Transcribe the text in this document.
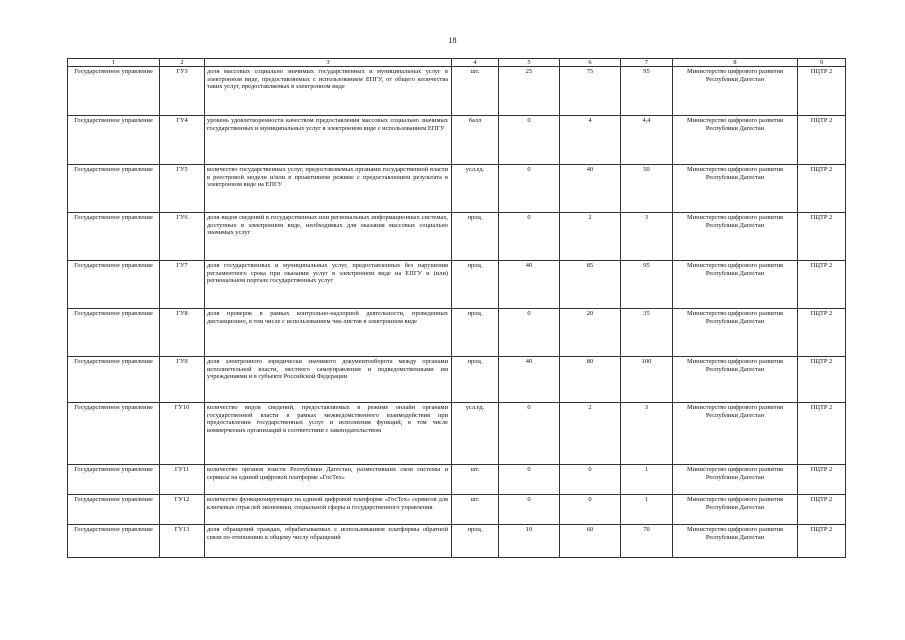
18
1	2	3	4	5	6	7	8	9
Государственное управление	ГУ3	доля массовых социально значимых государственных и муниципальных услуг в электронном виде, предоставляемых с использованием ЕПГУ, от общего количества таких услуг, предоставляемых в электронном виде	шт.	25	75	95	Министерство цифрового развития Республики Дагестан	ПЦТР 2
Государственное управление	ГУ4	уровень удовлетворенности качеством предоставления массовых социально значимых государственных и муниципальных услуг в электронном виде с использованием ЕПГУ	балл	0	4	4,4	Министерство цифрового развития Республики Дагестан	ПЦТР 2
Государственное управление	ГУ5	количество государственных услуг, предоставляемых органами государственной власти в реестровой модели и/или в проактивном режиме с предоставлением результата в электронном виде на ЕПГУ	усл.ед.	0	40	50	Министерство цифрового развития Республики Дагестан	ПЦТР 2
Государственное управление	ГУ6	доля видов сведений в государственных или региональных информационных системах, доступных в электронном виде, необходимых для оказания массовых социально значимых услуг	проц.	0	2	3	Министерство цифрового развития Республики Дагестан	ПЦТР 2
Государственное управление	ГУ7	доля государственных и муниципальных услуг, предоставленных без нарушения регламентного срока при оказании услуг в электронном виде на ЕПГУ и (или) региональном портале государственных услуг	проц.	40	85	95	Министерство цифрового развития Республики Дагестан	ПЦТР 2
Государственное управление	ГУ8	доля проверок в рамках контрольно-надзорной деятельности, проведенных дистанционно, в том числе с использованием чек-листов в электронном виде	проц.	0	20	35	Министерство цифрового развития Республики Дагестан	ПЦТР 2
Государственное управление	ГУ9	доля электронного юридически значимого документооборота между органами исполнительной власти, местного самоуправления и подведомственными им учреждениями и в субъекте Российской Федерации	проц.	40	80	100	Министерство цифрового развития Республики Дагестан	ПЦТР 2
Государственное управление	ГУ10	количество видов сведений, предоставляемых в режиме онлайн органами государственной власти в рамках межведомственного взаимодействия при предоставлении государственных услуг и исполнения функций, в том числе коммерческих организаций в соответствии с законодательством	усл.ед.	0	2	3	Министерство цифрового развития Республики Дагестан	ПЦТР 2
Государственное управление	ГУ11	количество органов власти Республики Дагестан, разместивших свои системы и сервисы на единой цифровой платформе «ГосТех»	шт.	0	0	1	Министерство цифрового развития Республики Дагестан	ПЦТР 2
Государственное управление	ГУ12	количество функционирующих на единой цифровой платформе «ГосТех» сервисов для ключевых отраслей экономики, социальной сферы и государственного управления	шт.	0	0	1	Министерство цифрового развития Республики Дагестан	ПЦТР 2
Государственное управление	ГУ13	доля обращений граждан, обрабатываемых с использованием платформы обратной связи по отношению к общему числу обращений	проц.	10	60	70	Министерство цифрового развития Республики Дагестан	ПЦТР 2
